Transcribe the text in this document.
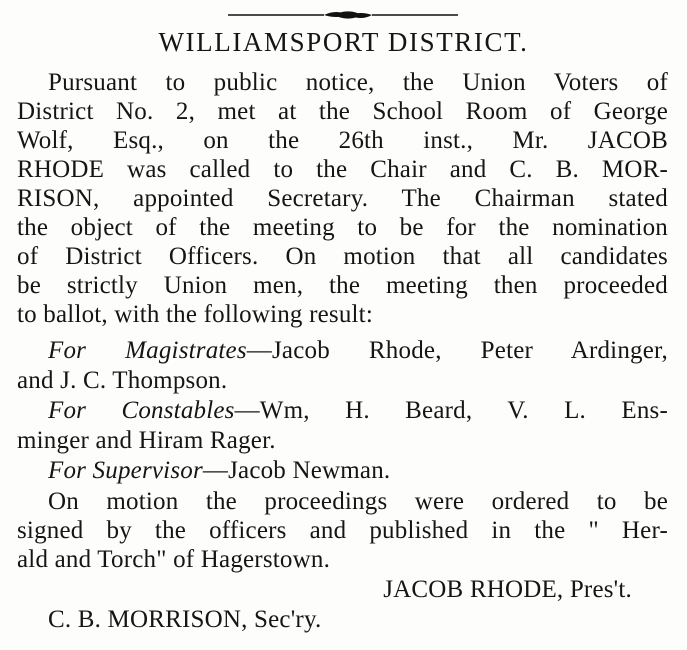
WILLIAMSPORT DISTRICT.
Pursuant to public notice, the Union Voters of
District No. 2, met at the School Room of George
Wolf, Esq., on the 26th inst., Mr. JACOB
RHODE was called to the Chair and C. B. MOR-
RISON, appointed Secretary. The Chairman stated
the object of the meeting to be for the nomination
of District Officers. On motion that all candidates
be strictly Union men, the meeting then proceeded
to ballot, with the following result:
For Magistrates—Jacob Rhode, Peter Ardinger,
and J. C. Thompson.
For Constables—Wm, H. Beard, V. L. Ens-
minger and Hiram Rager.
For Supervisor—Jacob Newman.
On motion the proceedings were ordered to be
signed by the officers and published in the " Her-
ald and Torch" of Hagerstown.
JACOB RHODE, Pres't.
C. B. MORRISON, Sec'ry.
